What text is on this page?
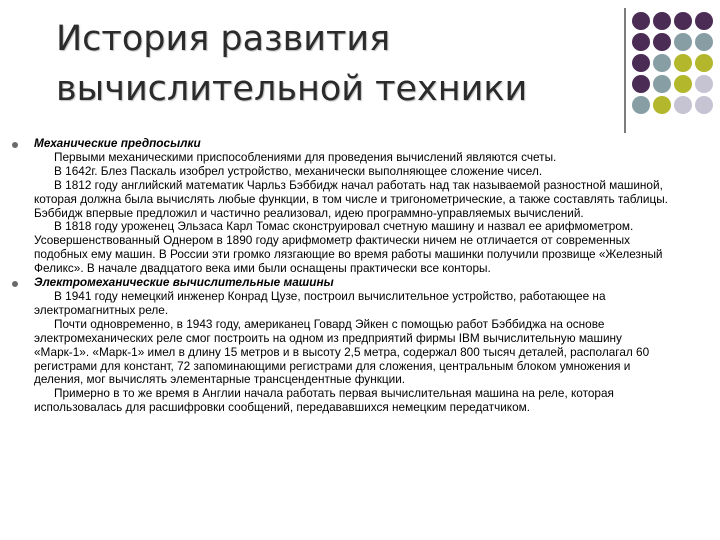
История развития
вычислительной техники
Механические предпосылки
Первыми механическими приспособлениями для проведения вычислений являются счеты.
В 1642г. Блез Паскаль изобрел устройство, механически выполняющее сложение чисел.
В 1812 году английский математик Чарльз Бэббидж начал работать над так называемой разностной машиной, которая должна была вычислять любые функции, в том числе и тригонометрические, а также составлять таблицы. Бэббидж впервые предложил и частично реализовал, идею программно-управляемых вычислений.
В 1818 году уроженец Эльзаса Карл Томас сконструировал счетную машину и назвал ее арифмометром. Усовершенствованный Однером в 1890 году арифмометр фактически ничем не отличается от современных подобных ему машин. В России эти громко лязгающие во время работы машинки получили прозвище «Железный Феликс». В начале двадцатого века ими были оснащены практически все конторы.
Электромеханические вычислительные машины
В 1941 году немецкий инженер Конрад Цузе, построил вычислительное устройство, работающее на электромагнитных реле.
Почти одновременно, в 1943 году, американец Говард Эйкен с помощью работ Бэббиджа на основе электромеханических реле смог построить на одном из предприятий фирмы IBM вычислительную машину «Марк-1». «Марк-1» имел в длину 15 метров и в высоту 2,5 метра, содержал 800 тысяч деталей, располагал 60 регистрами для констант, 72 запоминающими регистрами для сложения, центральным блоком умножения и деления, мог вычислять элементарные трансцендентные функции.
Примерно в то же время в Англии начала работать первая вычислительная машина на реле, которая использовалась для расшифровки сообщений, передававшихся немецким передатчиком.
